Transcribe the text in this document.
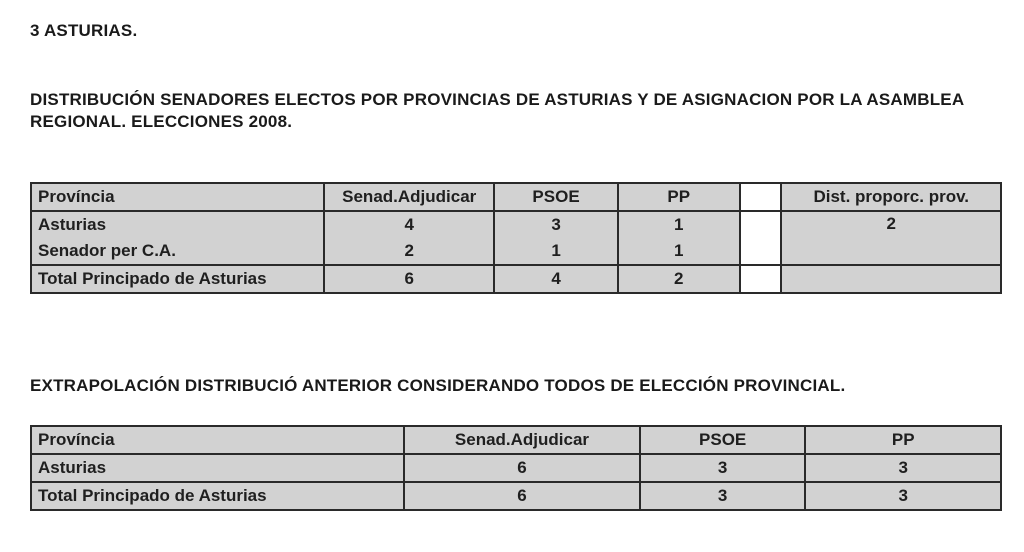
3 ASTURIAS.
DISTRIBUCIÓN SENADORES ELECTOS POR PROVINCIAS DE ASTURIAS Y DE ASIGNACION POR LA ASAMBLEA REGIONAL. ELECCIONES 2008.
Província	Senad.Adjudicar	PSOE	PP		Dist. proporc. prov.
Asturias	4	3	1		2
Senador per C.A.	2	1	1		
Total Principado de Asturias	6	4	2		
EXTRAPOLACIÓN DISTRIBUCIÓ ANTERIOR CONSIDERANDO TODOS DE ELECCIÓN PROVINCIAL.
Província	Senad.Adjudicar	PSOE	PP
Asturias	6	3	3
Total Principado de Asturias	6	3	3
